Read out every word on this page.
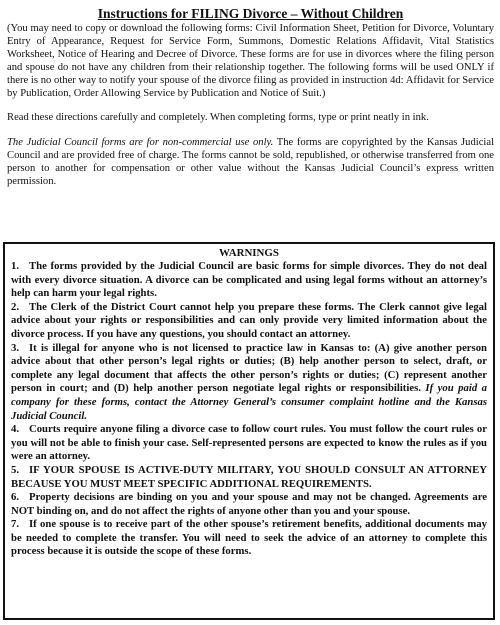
Instructions for FILING Divorce – Without Children

(You may need to copy or download the following forms: Civil Information Sheet, Petition for Divorce, Voluntary Entry of Appearance, Request for Service Form, Summons, Domestic Relations Affidavit, Vital Statistics Worksheet, Notice of Hearing and Decree of Divorce. These forms are for use in divorces where the filing person and spouse do not have any children from their relationship together. The following forms will be used ONLY if there is no other way to notify your spouse of the divorce filing as provided in instruction 4d: Affidavit for Service by Publication, Order Allowing Service by Publication and Notice of Suit.)

Read these directions carefully and completely. When completing forms, type or print neatly in ink.

The Judicial Council forms are for non-commercial use only. The forms are copyrighted by the Kansas Judicial Council and are provided free of charge. The forms cannot be sold, republished, or otherwise transferred from one person to another for compensation or other value without the Kansas Judicial Council’s express written permission.

WARNINGS

1. The forms provided by the Judicial Council are basic forms for simple divorces. They do not deal with every divorce situation. A divorce can be complicated and using legal forms without an attorney’s help can harm your legal rights.

2. The Clerk of the District Court cannot help you prepare these forms. The Clerk cannot give legal advice about your rights or responsibilities and can only provide very limited information about the divorce process. If you have any questions, you should contact an attorney.

3. It is illegal for anyone who is not licensed to practice law in Kansas to: (A) give another person advice about that other person’s legal rights or duties; (B) help another person to select, draft, or complete any legal document that affects the other person’s rights or duties; (C) represent another person in court; and (D) help another person negotiate legal rights or responsibilities. If you paid a company for these forms, contact the Attorney General’s consumer complaint hotline and the Kansas Judicial Council.

4. Courts require anyone filing a divorce case to follow court rules. You must follow the court rules or you will not be able to finish your case. Self-represented persons are expected to know the rules as if you were an attorney.

5. IF YOUR SPOUSE IS ACTIVE-DUTY MILITARY, YOU SHOULD CONSULT AN ATTORNEY BECAUSE YOU MUST MEET SPECIFIC ADDITIONAL REQUIREMENTS.

6. Property decisions are binding on you and your spouse and may not be changed. Agreements are NOT binding on, and do not affect the rights of anyone other than you and your spouse.

7. If one spouse is to receive part of the other spouse’s retirement benefits, additional documents may be needed to complete the transfer. You will need to seek the advice of an attorney to complete this process because it is outside the scope of these forms.
